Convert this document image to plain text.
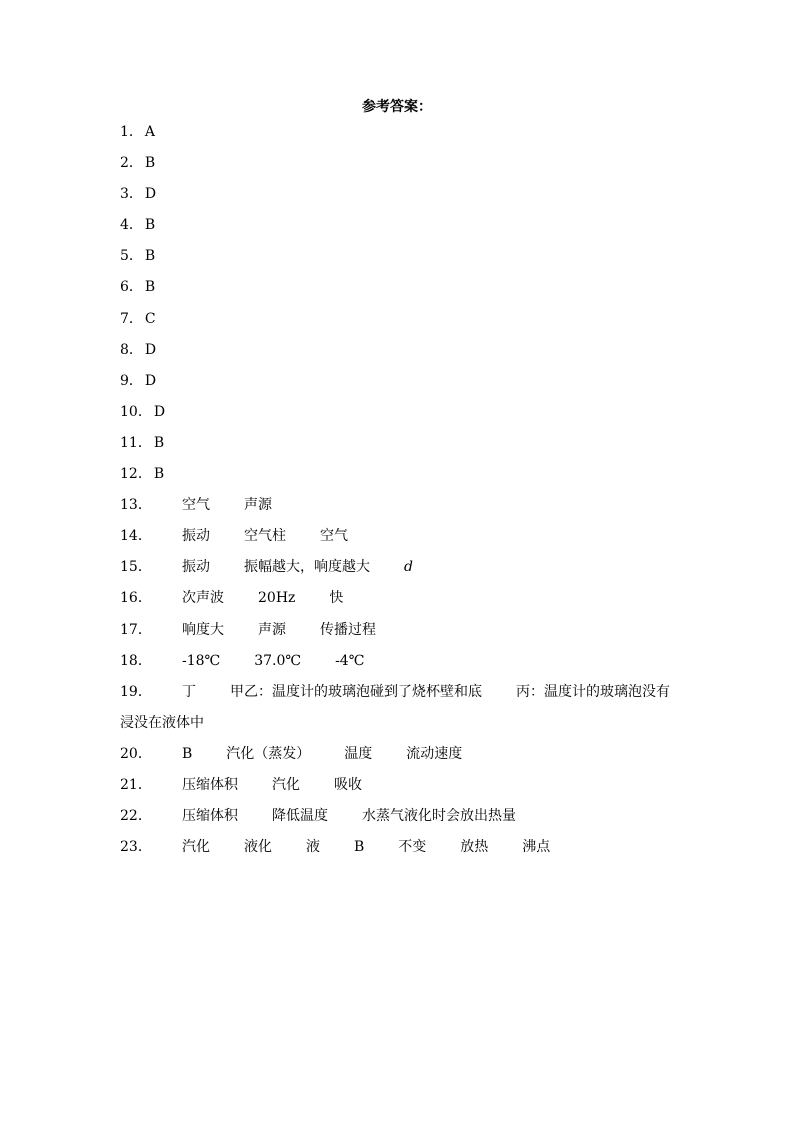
参考答案：
1． A
2． B
3． D
4． B
5． B
6． B
7． C
8． D
9． D
10． D
11． B
12． B
13． 空气 声源
14． 振动 空气柱 空气
15． 振动 振幅越大，响度越大 d
16． 次声波 20Hz 快
17． 响度大 声源 传播过程
18． -18℃ 37.0℃ -4℃
19． 丁 甲乙：温度计的玻璃泡碰到了烧杯壁和底 丙：温度计的玻璃泡没有
浸没在液体中
20． B 汽化（蒸发） 温度 流动速度
21． 压缩体积 汽化 吸收
22． 压缩体积 降低温度 水蒸气液化时会放出热量
23． 汽化 液化 液 B 不变 放热 沸点
